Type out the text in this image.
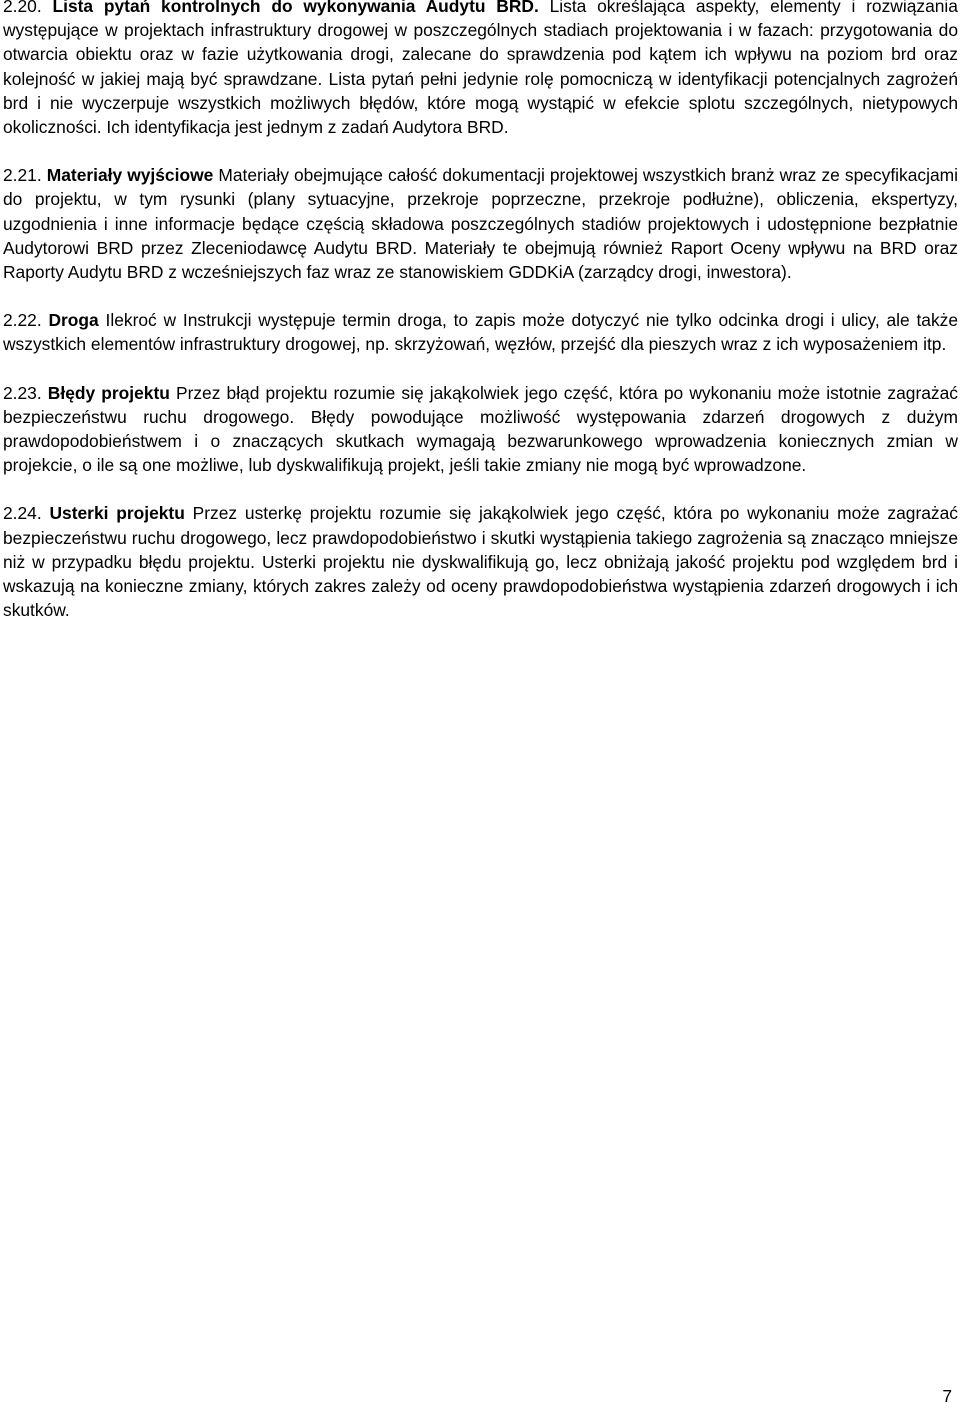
2.20. Lista pytań kontrolnych do wykonywania Audytu BRD. Lista określająca aspekty, elementy i rozwiązania występujące w projektach infrastruktury drogowej w poszczególnych stadiach projektowania i w fazach: przygotowania do otwarcia obiektu oraz w fazie użytkowania drogi, zalecane do sprawdzenia pod kątem ich wpływu na poziom brd oraz kolejność w jakiej mają być sprawdzane. Lista pytań pełni jedynie rolę pomocniczą w identyfikacji potencjalnych zagrożeń brd i nie wyczerpuje wszystkich możliwych błędów, które mogą wystąpić w efekcie splotu szczególnych, nietypowych okoliczności. Ich identyfikacja jest jednym z zadań Audytora BRD.

2.21. Materiały wyjściowe Materiały obejmujące całość dokumentacji projektowej wszystkich branż wraz ze specyfikacjami do projektu, w tym rysunki (plany sytuacyjne, przekroje poprzeczne, przekroje podłużne), obliczenia, ekspertyzy, uzgodnienia i inne informacje będące częścią składowa poszczególnych stadiów projektowych i udostępnione bezpłatnie Audytorowi BRD przez Zleceniodawcę Audytu BRD. Materiały te obejmują również Raport Oceny wpływu na BRD oraz Raporty Audytu BRD z wcześniejszych faz wraz ze stanowiskiem GDDKiA (zarządcy drogi, inwestora).

2.22. Droga Ilekroć w Instrukcji występuje termin droga, to zapis może dotyczyć nie tylko odcinka drogi i ulicy, ale także wszystkich elementów infrastruktury drogowej, np. skrzyżowań, węzłów, przejść dla pieszych wraz z ich wyposażeniem itp.

2.23. Błędy projektu Przez błąd projektu rozumie się jakąkolwiek jego część, która po wykonaniu może istotnie zagrażać bezpieczeństwu ruchu drogowego. Błędy powodujące możliwość występowania zdarzeń drogowych z dużym prawdopodobieństwem i o znaczących skutkach wymagają bezwarunkowego wprowadzenia koniecznych zmian w projekcie, o ile są one możliwe, lub dyskwalifikują projekt, jeśli takie zmiany nie mogą być wprowadzone.

2.24. Usterki projektu Przez usterkę projektu rozumie się jakąkolwiek jego część, która po wykonaniu może zagrażać bezpieczeństwu ruchu drogowego, lecz prawdopodobieństwo i skutki wystąpienia takiego zagrożenia są znacząco mniejsze niż w przypadku błędu projektu. Usterki projektu nie dyskwalifikują go, lecz obniżają jakość projektu pod względem brd i wskazują na konieczne zmiany, których zakres zależy od oceny prawdopodobieństwa wystąpienia zdarzeń drogowych i ich skutków.

7
